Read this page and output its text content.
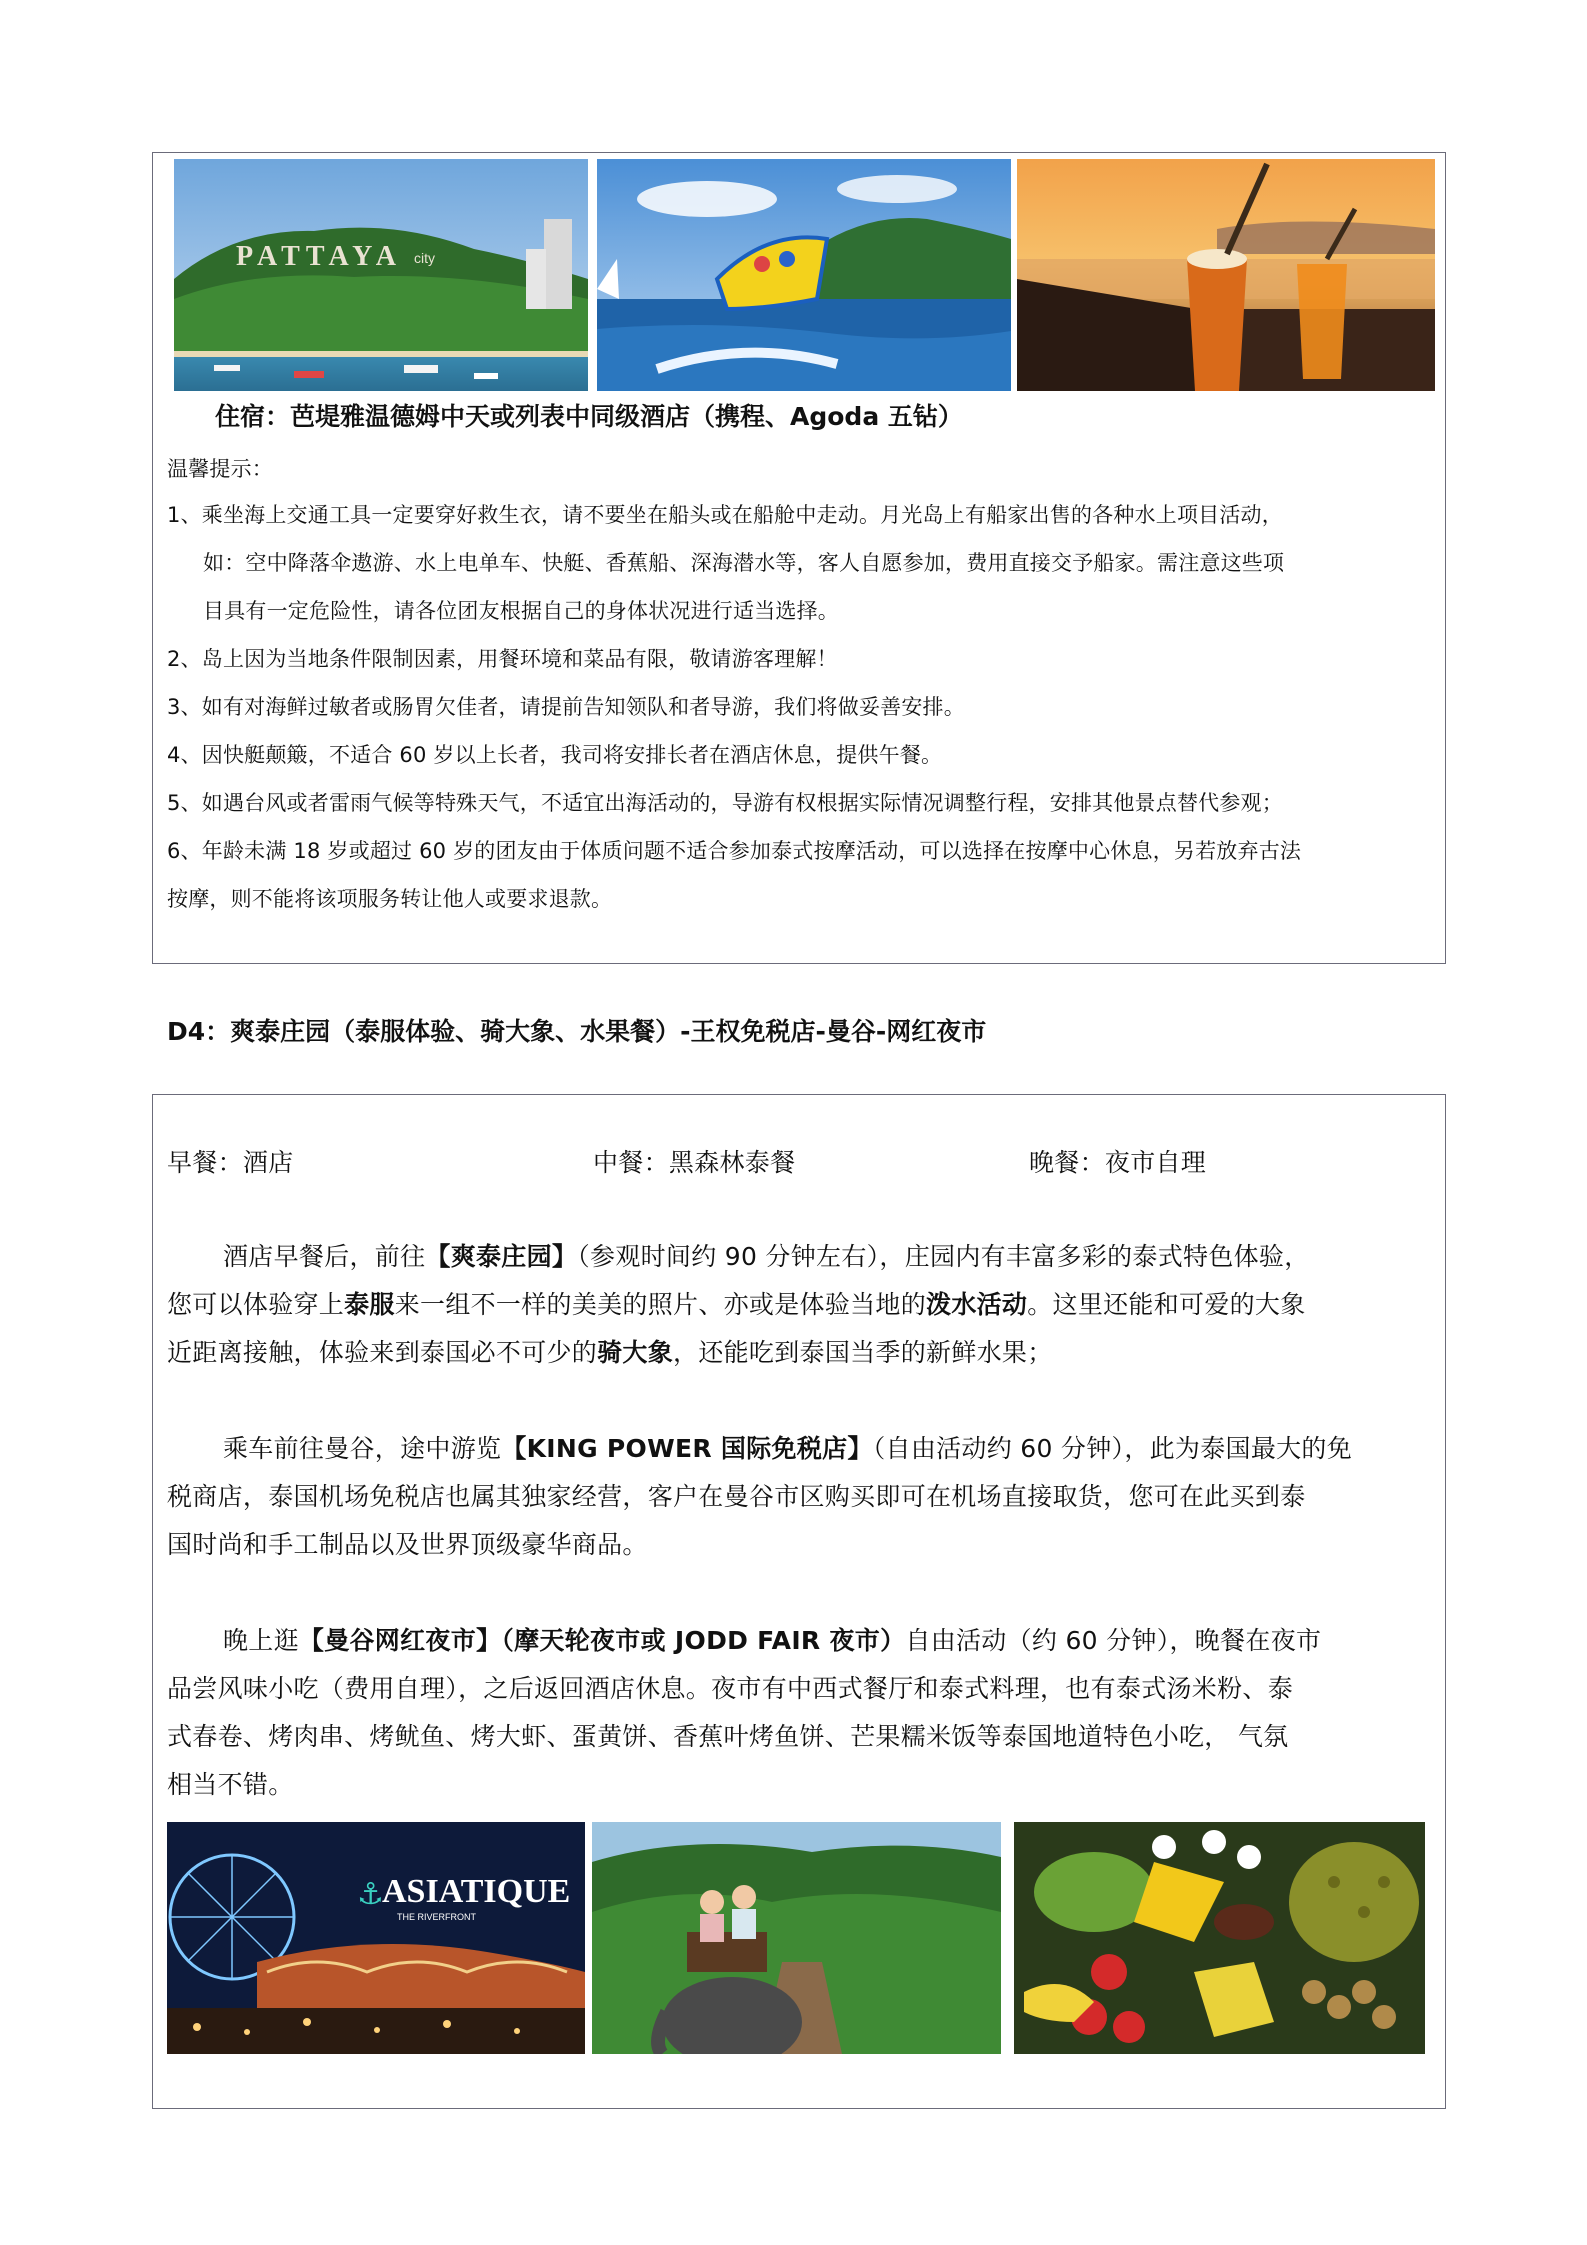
PATTAYA city
住宿：芭堤雅温德姆中天或列表中同级酒店（携程、Agoda 五钻）
温馨提示：
1、乘坐海上交通工具一定要穿好救生衣，请不要坐在船头或在船舱中走动。月光岛上有船家出售的各种水上项目活动，
如：空中降落伞遨游、水上电单车、快艇、香蕉船、深海潜水等，客人自愿参加，费用直接交予船家。需注意这些项
目具有一定危险性，请各位团友根据自己的身体状况进行适当选择。
2、岛上因为当地条件限制因素，用餐环境和菜品有限，敬请游客理解！
3、如有对海鲜过敏者或肠胃欠佳者，请提前告知领队和者导游，我们将做妥善安排。
4、因快艇颠簸，不适合 60 岁以上长者，我司将安排长者在酒店休息，提供午餐。
5、如遇台风或者雷雨气候等特殊天气，不适宜出海活动的，导游有权根据实际情况调整行程，安排其他景点替代参观；
6、年龄未满 18 岁或超过 60 岁的团友由于体质问题不适合参加泰式按摩活动，可以选择在按摩中心休息，另若放弃古法
按摩，则不能将该项服务转让他人或要求退款。
D4：爽泰庄园（泰服体验、骑大象、水果餐）-王权免税店-曼谷-网红夜市
早餐：酒店	中餐：黑森林泰餐	晚餐：夜市自理
酒店早餐后，前往【爽泰庄园】（参观时间约 90 分钟左右），庄园内有丰富多彩的泰式特色体验，
您可以体验穿上泰服来一组不一样的美美的照片、亦或是体验当地的泼水活动。这里还能和可爱的大象
近距离接触，体验来到泰国必不可少的骑大象，还能吃到泰国当季的新鲜水果；
乘车前往曼谷，途中游览【KING POWER 国际免税店】（自由活动约 60 分钟），此为泰国最大的免
税商店，泰国机场免税店也属其独家经营，客户在曼谷市区购买即可在机场直接取货，您可在此买到泰
国时尚和手工制品以及世界顶级豪华商品。
晚上逛【曼谷网红夜市】（摩天轮夜市或 JODD FAIR 夜市）自由活动（约 60 分钟），晚餐在夜市
品尝风味小吃（费用自理），之后返回酒店休息。夜市有中西式餐厅和泰式料理，也有泰式汤米粉、泰
式春卷、烤肉串、烤鱿鱼、烤大虾、蛋黄饼、香蕉叶烤鱼饼、芒果糯米饭等泰国地道特色小吃， 气氛
相当不错。
ASIATIQUE
THE RIVERFRONT
⚓
